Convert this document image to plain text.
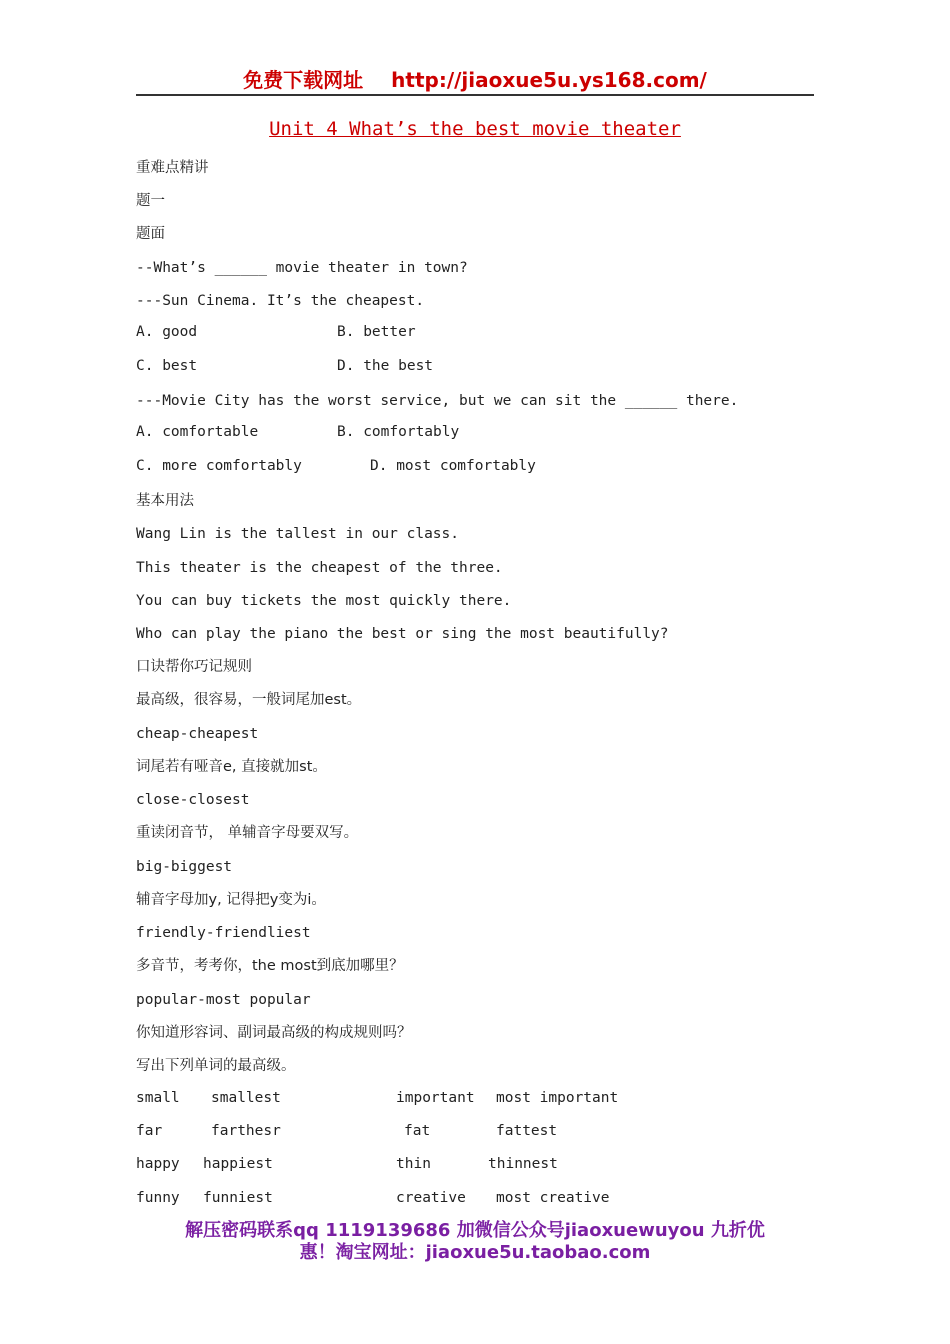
免费下载网址 http://jiaoxue5u.ys168.com/
Unit 4 What’s the best movie theater
重难点精讲
题一
题面
--What’s ______ movie theater in town?
---Sun Cinema. It’s the cheapest.
A. good	B. better
C. best	D. the best
---Movie City has the worst service, but we can sit the ______ there.
A. comfortable	B. comfortably
C. more comfortably	D. most comfortably
基本用法
Wang Lin is the tallest in our class.
This theater is the cheapest of the three.
You can buy tickets the most quickly there.
Who can play the piano the best or sing the most beautifully?
口诀帮你巧记规则
最高级，很容易，一般词尾加est。
cheap-cheapest
词尾若有哑音e, 直接就加st。
close-closest
重读闭音节， 单辅音字母要双写。
big-biggest
辅音字母加y, 记得把y变为i。
friendly-friendliest
多音节，考考你，the most到底加哪里？
popular-most popular
你知道形容词、副词最高级的构成规则吗？
写出下列单词的最高级。
small smallest	important most important
far	farthesr	fat	fattest
happy happiest	thin	thinnest
funny funniest	creative most creative
解压密码联系qq 1119139686 加微信公众号jiaoxuewuyou 九折优
惠！淘宝网址：jiaoxue5u.taobao.com
